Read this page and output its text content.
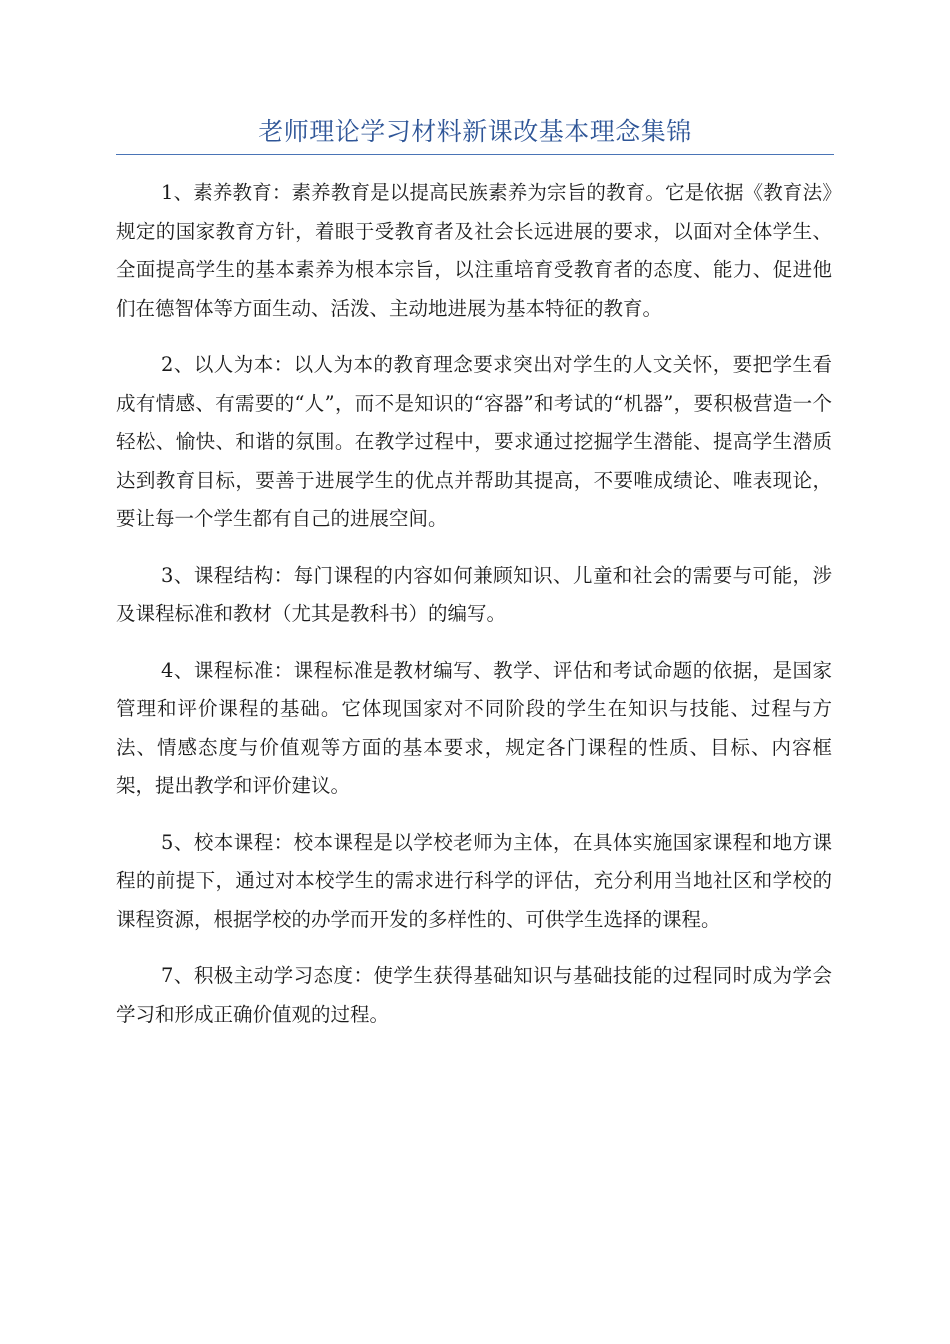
老师理论学习材料新课改基本理念集锦

1、素养教育：素养教育是以提高民族素养为宗旨的教育。它是依据《教育法》规定的国家教育方针，着眼于受教育者及社会长远进展的要求，以面对全体学生、全面提高学生的基本素养为根本宗旨，以注重培育受教育者的态度、能力、促进他们在德智体等方面生动、活泼、主动地进展为基本特征的教育。

2、以人为本：以人为本的教育理念要求突出对学生的人文关怀，要把学生看成有情感、有需要的“人”，而不是知识的“容器”和考试的“机器”，要积极营造一个轻松、愉快、和谐的氛围。在教学过程中，要求通过挖掘学生潜能、提高学生潜质达到教育目标，要善于进展学生的优点并帮助其提高，不要唯成绩论、唯表现论，要让每一个学生都有自己的进展空间。

3、课程结构：每门课程的内容如何兼顾知识、儿童和社会的需要与可能，涉及课程标准和教材（尤其是教科书）的编写。

4、课程标准：课程标准是教材编写、教学、评估和考试命题的依据，是国家管理和评价课程的基础。它体现国家对不同阶段的学生在知识与技能、过程与方法、情感态度与价值观等方面的基本要求，规定各门课程的性质、目标、内容框架，提出教学和评价建议。

5、校本课程：校本课程是以学校老师为主体，在具体实施国家课程和地方课程的前提下，通过对本校学生的需求进行科学的评估，充分利用当地社区和学校的课程资源，根据学校的办学而开发的多样性的、可供学生选择的课程。

7、积极主动学习态度：使学生获得基础知识与基础技能的过程同时成为学会学习和形成正确价值观的过程。
